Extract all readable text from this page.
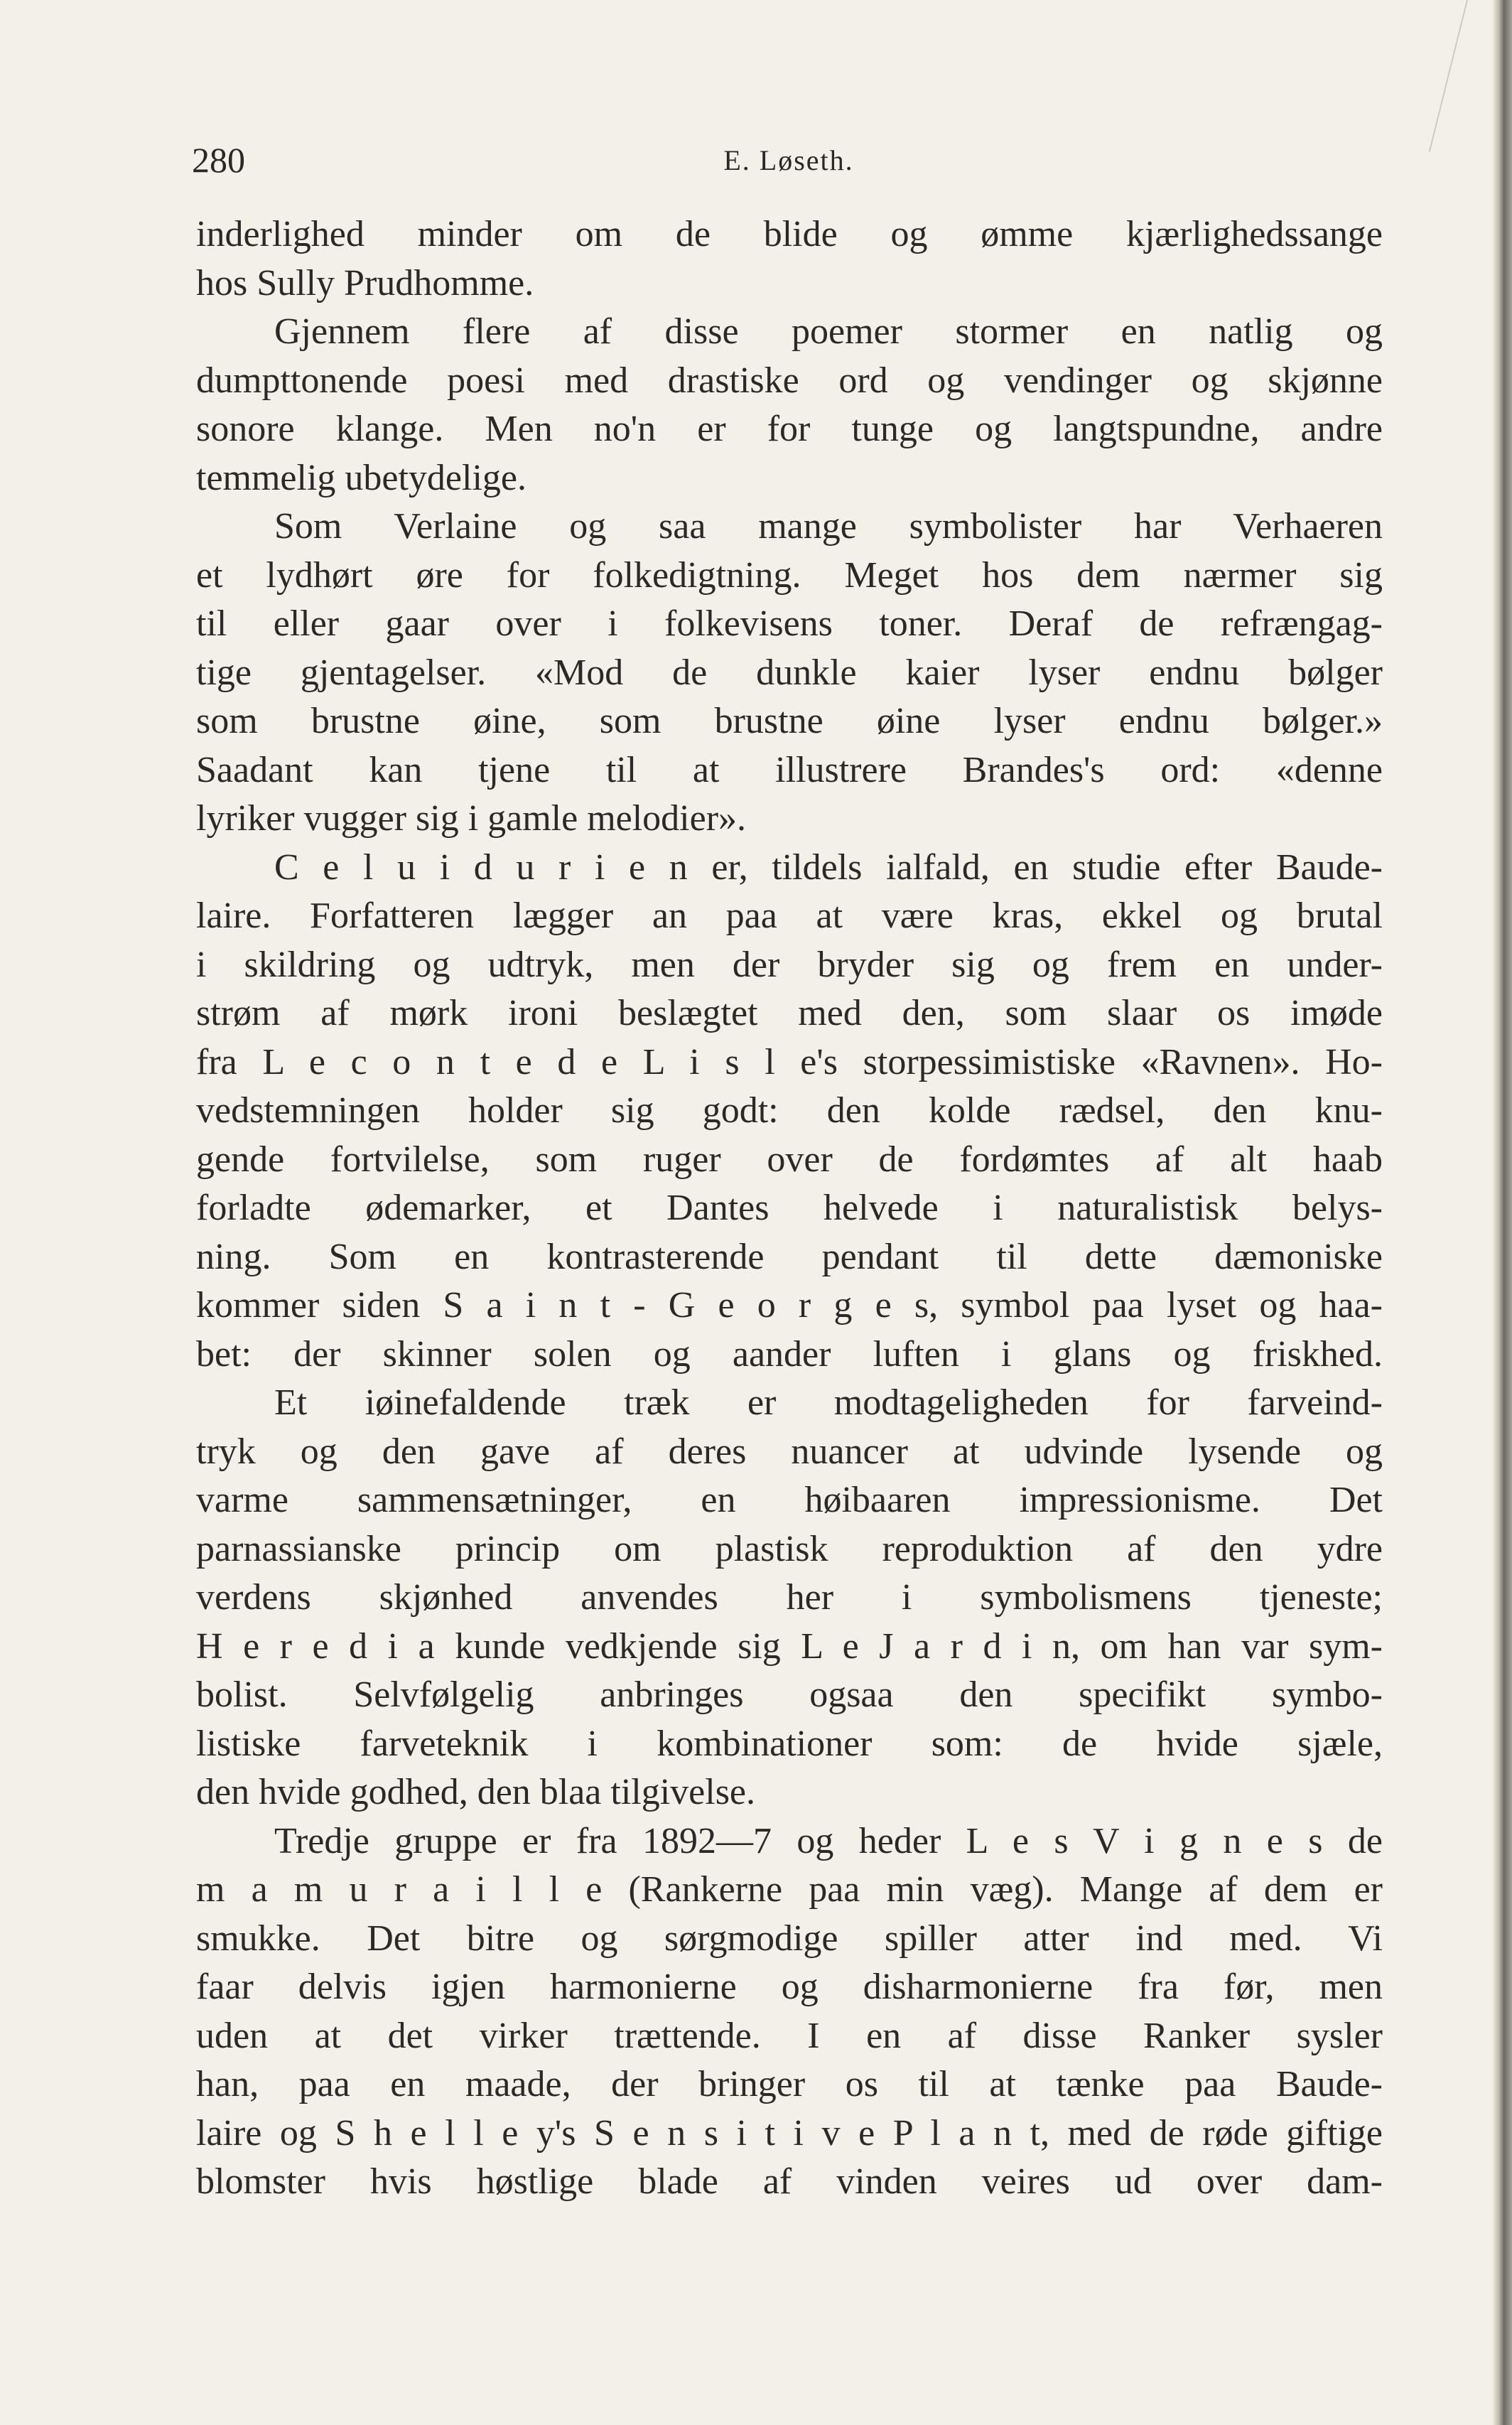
280	E. Løseth.
inderlighed minder om de blide og ømme kjærlighedssange
hos Sully Prudhomme.
Gjennem flere af disse poemer stormer en natlig og
dumpttonende poesi med drastiske ord og vendinger og skjønne
sonore klange. Men no'n er for tunge og langtspundne, andre
temmelig ubetydelige.
Som Verlaine og saa mange symbolister har Verhaeren
et lydhørt øre for folkedigtning. Meget hos dem nærmer sig
til eller gaar over i folkevisens toner. Deraf de refrængag-
tige gjentagelser. «Mod de dunkle kaier lyser endnu bølger
som brustne øine, som brustne øine lyser endnu bølger.»
Saadant kan tjene til at illustrere Brandes's ord: «denne
lyriker vugger sig i gamle melodier».
C e l u i d u r i e n er, tildels ialfald, en studie efter Baude-
laire. Forfatteren lægger an paa at være kras, ekkel og brutal
i skildring og udtryk, men der bryder sig og frem en under-
strøm af mørk ironi beslægtet med den, som slaar os imøde
fra L e c o n t e d e L i s l e's storpessimistiske «Ravnen». Ho-
vedstemningen holder sig godt: den kolde rædsel, den knu-
gende fortvilelse, som ruger over de fordømtes af alt haab
forladte ødemarker, et Dantes helvede i naturalistisk belys-
ning. Som en kontrasterende pendant til dette dæmoniske
kommer siden S a i n t - G e o r g e s, symbol paa lyset og haa-
bet: der skinner solen og aander luften i glans og friskhed.
Et iøinefaldende træk er modtageligheden for farveind-
tryk og den gave af deres nuancer at udvinde lysende og
varme sammensætninger, en høibaaren impressionisme. Det
parnassianske princip om plastisk reproduktion af den ydre
verdens skjønhed anvendes her i symbolismens tjeneste;
H e r e d i a kunde vedkjende sig L e J a r d i n, om han var sym-
bolist. Selvfølgelig anbringes ogsaa den specifikt symbo-
listiske farveteknik i kombinationer som: de hvide sjæle,
den hvide godhed, den blaa tilgivelse.
Tredje gruppe er fra 1892—7 og heder L e s V i g n e s de
m a m u r a i l l e (Rankerne paa min væg). Mange af dem er
smukke. Det bitre og sørgmodige spiller atter ind med. Vi
faar delvis igjen harmonierne og disharmonierne fra før, men
uden at det virker trættende. I en af disse Ranker sysler
han, paa en maade, der bringer os til at tænke paa Baude-
laire og S h e l l e y's S e n s i t i v e P l a n t, med de røde giftige
blomster hvis høstlige blade af vinden veires ud over dam-
